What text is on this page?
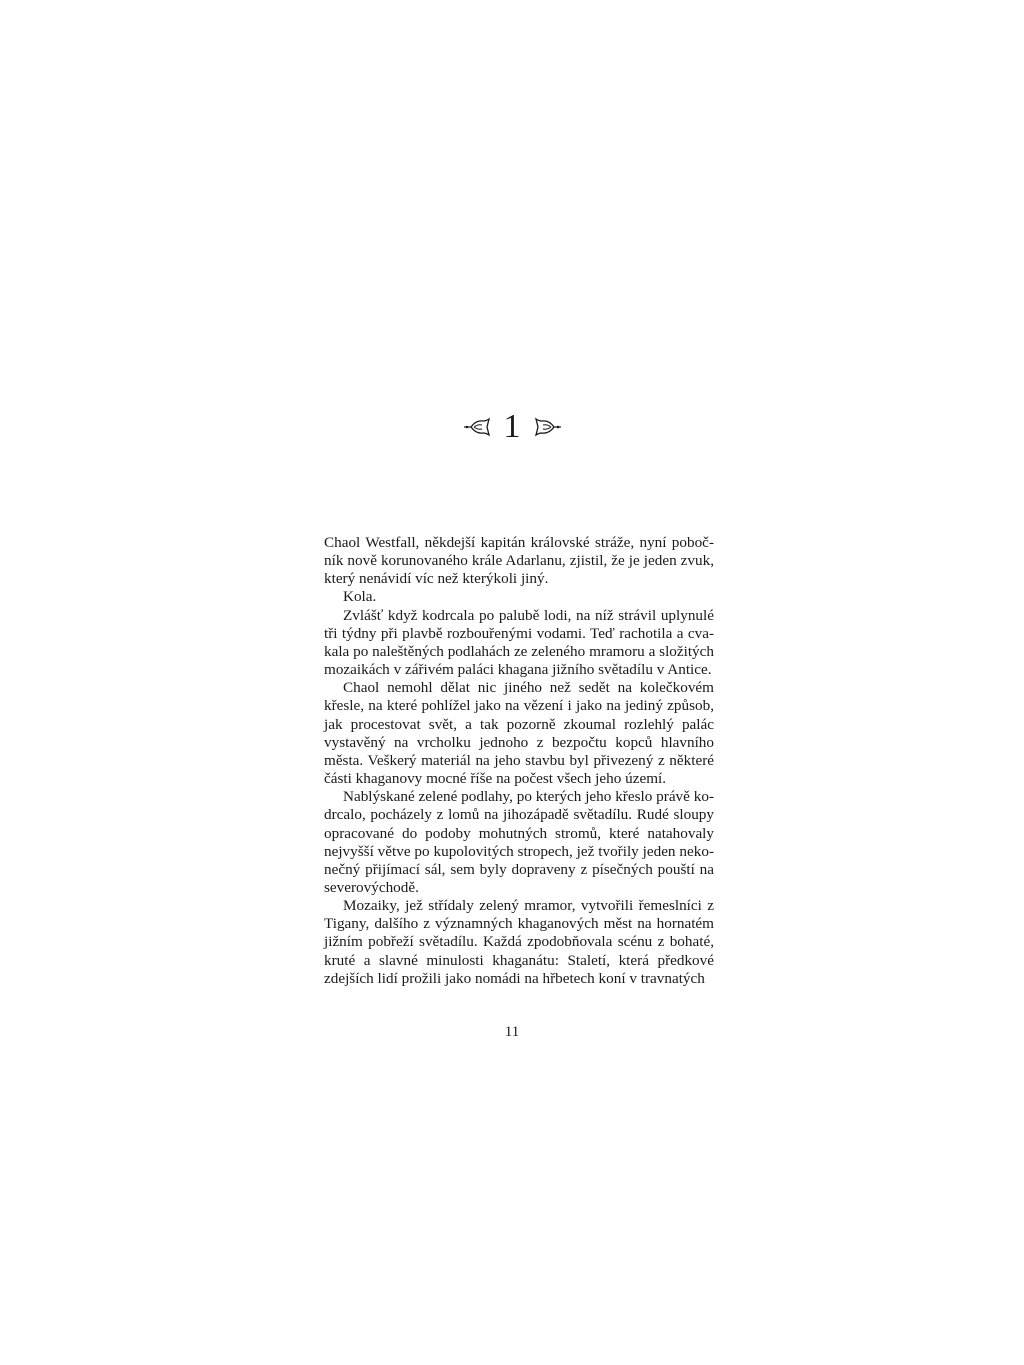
1

Chaol Westfall, někdejší kapitán královské stráže, nyní pobočník nově korunovaného krále Adarlanu, zjistil, že je jeden zvuk, který nenávidí víc než kterýkoli jiný.

Kola.

Zvlášť když kodrcala po palubě lodi, na níž strávil uplynulé tři týdny při plavbě rozbouřenými vodami. Teď rachotila a cvakala po naleštěných podlahách ze zeleného mramoru a složitých mozaikách v zářivém paláci khagana jižního světadílu v Antice.

Chaol nemohl dělat nic jiného než sedět na kolečkovém křesle, na které pohlížel jako na vězení i jako na jediný způsob, jak procestovat svět, a tak pozorně zkoumal rozlehlý palác vystavěný na vrcholku jednoho z bezpočtu kopců hlavního města. Veškerý materiál na jeho stavbu byl přivezený z některé části khaganovy mocné říše na počest všech jeho území.

Nablýskané zelené podlahy, po kterých jeho křeslo právě kodrcalo, pocházely z lomů na jihozápadě světadílu. Rudé sloupy opracované do podoby mohutných stromů, které natahovaly nejvyšší větve po kupolovitých stropech, jež tvořily jeden nekonečný přijímací sál, sem byly dopraveny z písečných pouští na severovýchodě.

Mozaiky, jež střídaly zelený mramor, vytvořili řemeslníci z Tigany, dalšího z významných khaganových měst na hornatém jižním pobřeží světadílu. Každá zpodobňovala scénu z bohaté, kruté a slavné minulosti khaganátu: Staletí, která předkové zdejších lidí prožili jako nomádi na hřbetech koní v travnatých

11
